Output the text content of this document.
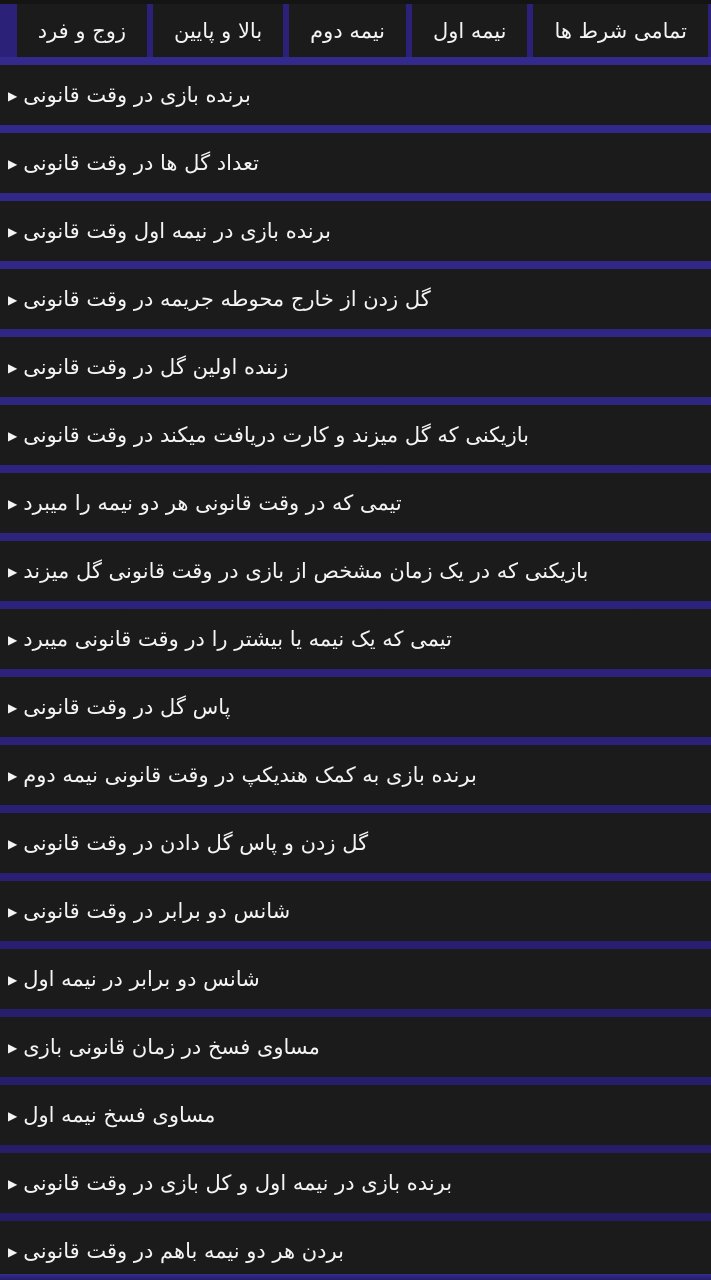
تمامی شرط ها
نیمه اول
نیمه دوم
بالا و پایین
زوج و فرد
▶ برنده بازی در وقت قانونی
▶ تعداد گل ها در وقت قانونی
▶ برنده بازی در نیمه اول وقت قانونی
▶ گل زدن از خارج محوطه جریمه در وقت قانونی
▶ زننده اولین گل در وقت قانونی
▶ بازیکنی که گل میزند و کارت دریافت میکند در وقت قانونی
▶ تیمی که در وقت قانونی هر دو نیمه را میبرد
▶ بازیکنی که در یک زمان مشخص از بازی در وقت قانونی گل میزند
▶ تیمی که یک نیمه یا بیشتر را در وقت قانونی میبرد
▶ پاس گل در وقت قانونی
▶ برنده بازی به کمک هندیکپ در وقت قانونی نیمه دوم
▶ گل زدن و پاس گل دادن در وقت قانونی
▶ شانس دو برابر در وقت قانونی
▶ شانس دو برابر در نیمه اول
▶ مساوی فسخ در زمان قانونی بازی
▶ مساوی فسخ نیمه اول
▶ برنده بازی در نیمه اول و کل بازی در وقت قانونی
▶ بردن هر دو نیمه باهم در وقت قانونی
